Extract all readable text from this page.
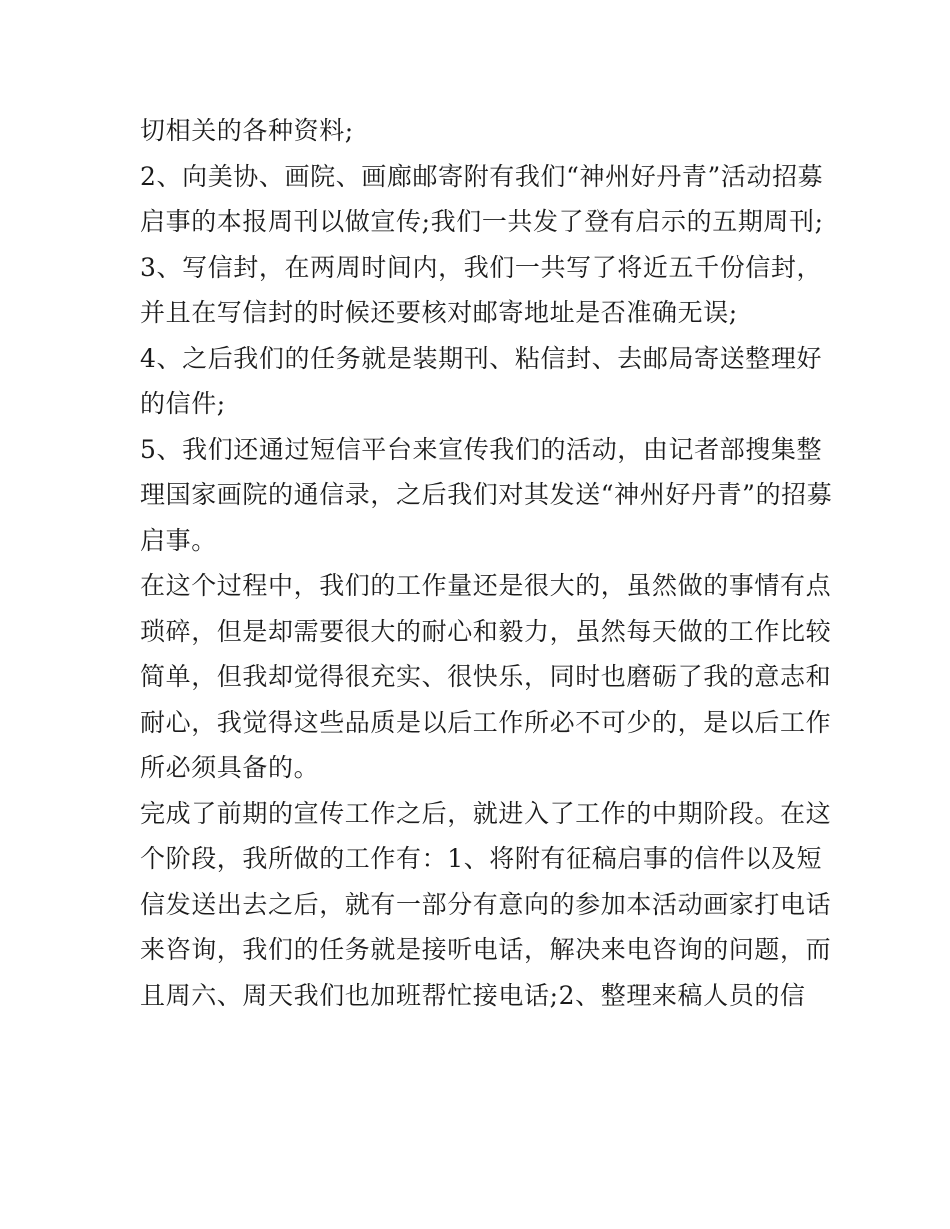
切相关的各种资料;
2、向美协、画院、画廊邮寄附有我们“神州好丹青”活动招募
启事的本报周刊以做宣传;我们一共发了登有启示的五期周刊;
3、写信封，在两周时间内，我们一共写了将近五千份信封，
并且在写信封的时候还要核对邮寄地址是否准确无误;
4、之后我们的任务就是装期刊、粘信封、去邮局寄送整理好
的信件;
5、我们还通过短信平台来宣传我们的活动，由记者部搜集整
理国家画院的通信录，之后我们对其发送“神州好丹青”的招募
启事。
在这个过程中，我们的工作量还是很大的，虽然做的事情有点
琐碎，但是却需要很大的耐心和毅力，虽然每天做的工作比较
简单，但我却觉得很充实、很快乐，同时也磨砺了我的意志和
耐心，我觉得这些品质是以后工作所必不可少的，是以后工作
所必须具备的。
完成了前期的宣传工作之后，就进入了工作的中期阶段。在这
个阶段，我所做的工作有：1、将附有征稿启事的信件以及短
信发送出去之后，就有一部分有意向的参加本活动画家打电话
来咨询，我们的任务就是接听电话，解决来电咨询的问题，而
且周六、周天我们也加班帮忙接电话;2、整理来稿人员的信
